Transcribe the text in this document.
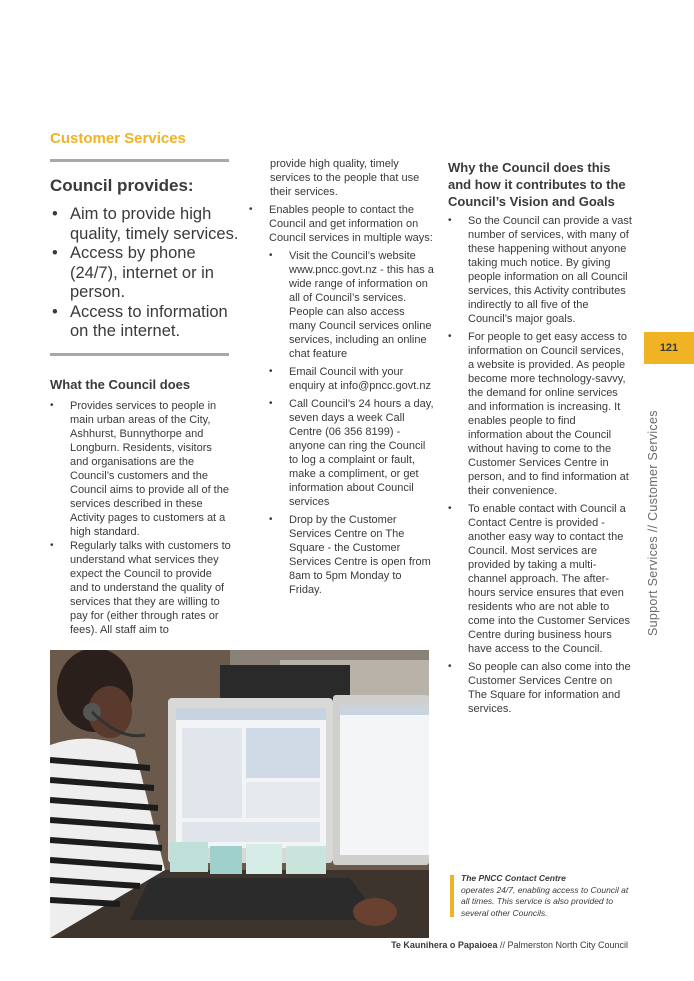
Customer Services
Council provides:
• Aim to provide high quality, timely services.
• Access by phone (24/7), internet or in person.
• Access to information on the internet.
What the Council does
• Provides services to people in main urban areas of the City, Ashhurst, Bunnythorpe and Longburn. Residents, visitors and organisations are the Council’s customers and the Council aims to provide all of the services described in these Activity pages to customers at a high standard.
• Regularly talks with customers to understand what services they expect the Council to provide and to understand the quality of services that they are willing to pay for (either through rates or fees). All staff aim to

provide high quality, timely services to the people that use their services.

• Enables people to contact the Council and get information on Council services in multiple ways:
• Visit the Council’s website www.pncc.govt.nz - this has a wide range of information on all of Council’s services. People can also access many Council services online services, including an online chat feature
• Email Council with your enquiry at info@pncc.govt.nz
• Call Council’s 24 hours a day, seven days a week Call Centre (06 356 8199) - anyone can ring the Council to log a complaint or fault, make a compliment, or get information about Council services
• Drop by the Customer Services Centre on The Square - the Customer Services Centre is open from 8am to 5pm Monday to Friday.
Why the Council does this and how it contributes to the Council’s Vision and Goals
• So the Council can provide a vast number of services, with many of these happening without anyone taking much notice. By giving people information on all Council services, this Activity contributes indirectly to all five of the Council’s major goals.
• For people to get easy access to information on Council services, a website is provided. As people become more technology-savvy, the demand for online services and information is increasing. It enables people to find information about the Council without having to come to the Customer Services Centre in person, and to find information at their convenience.
• To enable contact with Council a Contact Centre is provided - another easy way to contact the Council. Most services are provided by taking a multi-channel approach. The after-hours service ensures that even residents who are not able to come into the Customer Services Centre during business hours have access to the Council.
• So people can also come into the Customer Services Centre on The Square for information and services.
The PNCC Contact Centre
operates 24/7, enabling access to Council at all times. This service is also provided to several other Councils.
121
Support Services // Customer Services
Te Kaunihera o Papaioea // Palmerston North City Council
